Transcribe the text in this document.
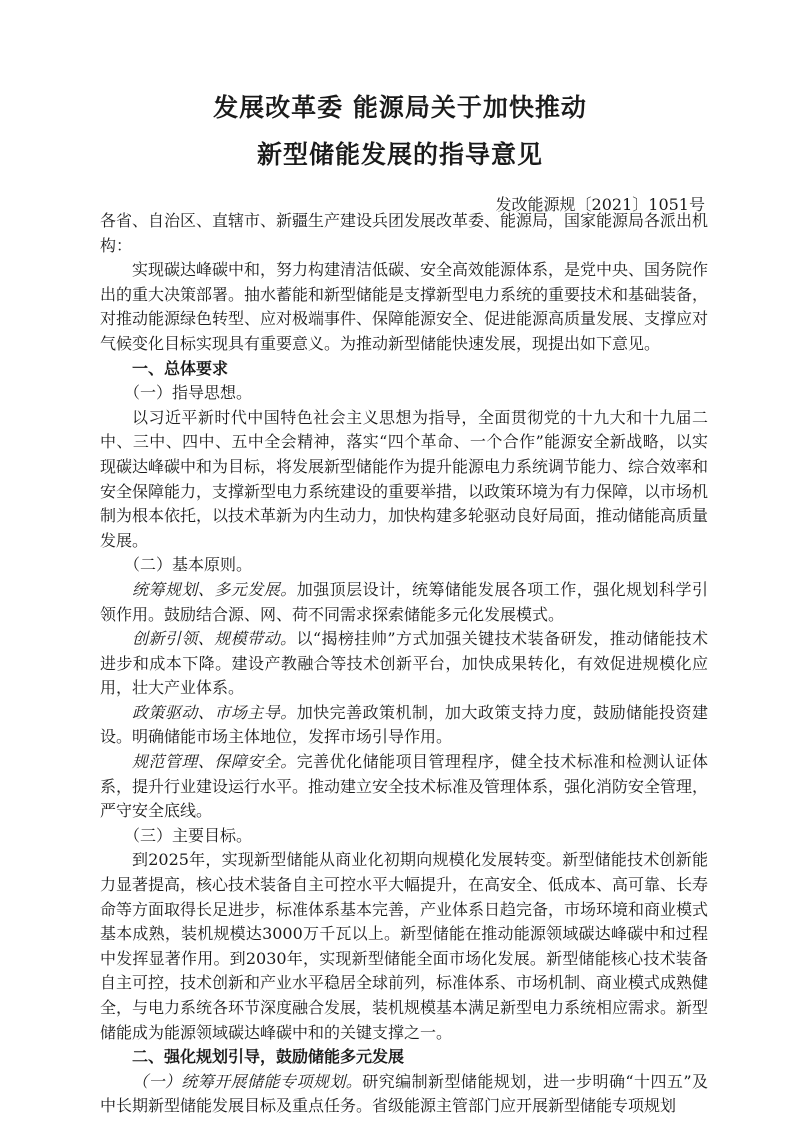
发展改革委 能源局关于加快推动
新型储能发展的指导意见

发改能源规〔2021〕1051号

各省、自治区、直辖市、新疆生产建设兵团发展改革委、能源局，国家能源局各派出机构：

实现碳达峰碳中和，努力构建清洁低碳、安全高效能源体系，是党中央、国务院作出的重大决策部署。抽水蓄能和新型储能是支撑新型电力系统的重要技术和基础装备，对推动能源绿色转型、应对极端事件、保障能源安全、促进能源高质量发展、支撑应对气候变化目标实现具有重要意义。为推动新型储能快速发展，现提出如下意见。

一、总体要求

（一）指导思想。

以习近平新时代中国特色社会主义思想为指导，全面贯彻党的十九大和十九届二中、三中、四中、五中全会精神，落实“四个革命、一个合作”能源安全新战略，以实现碳达峰碳中和为目标，将发展新型储能作为提升能源电力系统调节能力、综合效率和安全保障能力，支撑新型电力系统建设的重要举措，以政策环境为有力保障，以市场机制为根本依托，以技术革新为内生动力，加快构建多轮驱动良好局面，推动储能高质量发展。

（二）基本原则。

统筹规划、多元发展。加强顶层设计，统筹储能发展各项工作，强化规划科学引领作用。鼓励结合源、网、荷不同需求探索储能多元化发展模式。

创新引领、规模带动。以“揭榜挂帅”方式加强关键技术装备研发，推动储能技术进步和成本下降。建设产教融合等技术创新平台，加快成果转化，有效促进规模化应用，壮大产业体系。

政策驱动、市场主导。加快完善政策机制，加大政策支持力度，鼓励储能投资建设。明确储能市场主体地位，发挥市场引导作用。

规范管理、保障安全。完善优化储能项目管理程序，健全技术标准和检测认证体系，提升行业建设运行水平。推动建立安全技术标准及管理体系，强化消防安全管理，严守安全底线。

（三）主要目标。

到2025年，实现新型储能从商业化初期向规模化发展转变。新型储能技术创新能力显著提高，核心技术装备自主可控水平大幅提升，在高安全、低成本、高可靠、长寿命等方面取得长足进步，标准体系基本完善，产业体系日趋完备，市场环境和商业模式基本成熟，装机规模达3000万千瓦以上。新型储能在推动能源领域碳达峰碳中和过程中发挥显著作用。到2030年，实现新型储能全面市场化发展。新型储能核心技术装备自主可控，技术创新和产业水平稳居全球前列，标准体系、市场机制、商业模式成熟健全，与电力系统各环节深度融合发展，装机规模基本满足新型电力系统相应需求。新型储能成为能源领域碳达峰碳中和的关键支撑之一。

二、强化规划引导，鼓励储能多元发展

（一）统筹开展储能专项规划。研究编制新型储能规划，进一步明确“十四五”及中长期新型储能发展目标及重点任务。省级能源主管部门应开展新型储能专项规划
